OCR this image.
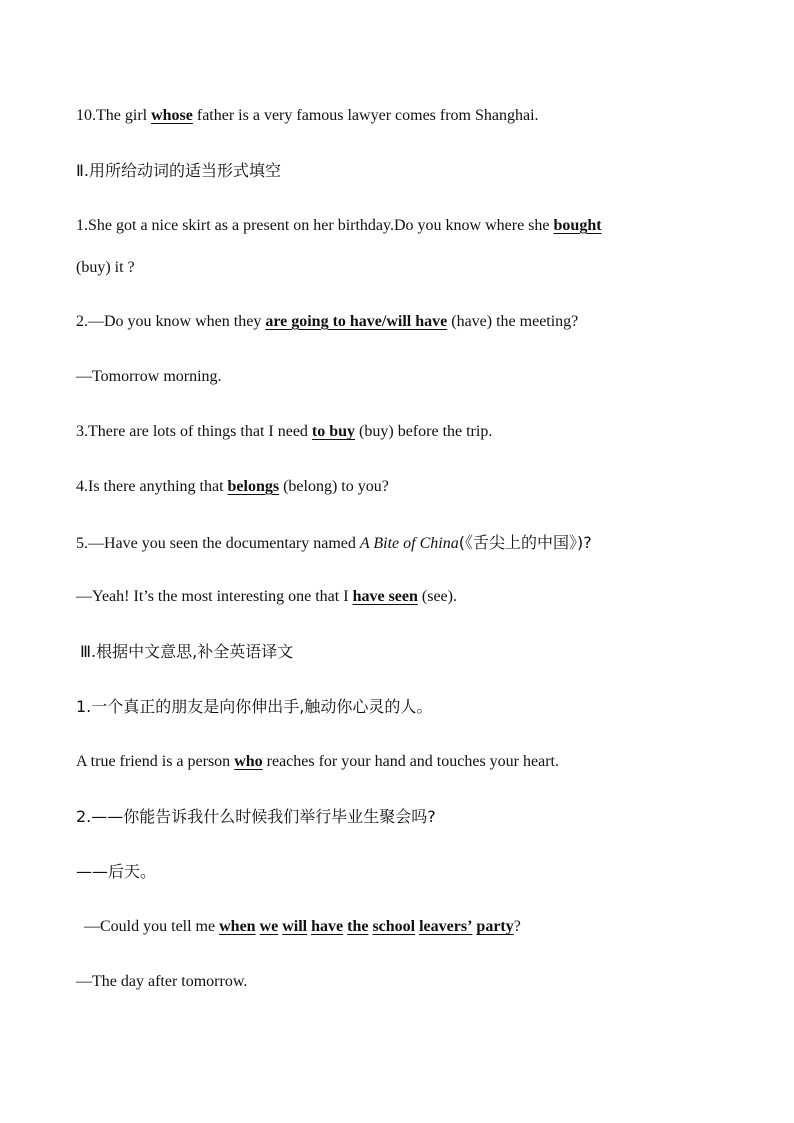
10.The girl whose father is a very famous lawyer comes from Shanghai.
Ⅱ.用所给动词的适当形式填空
1.She got a nice skirt as a present on her birthday.Do you know where she bought
(buy) it ?
2.—Do you know when they are going to have/will have (have) the meeting?
—Tomorrow morning.
3.There are lots of things that I need to buy (buy) before the trip.
4.Is there anything that belongs (belong) to you?
5.—Have you seen the documentary named A Bite of China(《舌尖上的中国》)?
—Yeah! It’s the most interesting one that I have seen (see).
Ⅲ.根据中文意思,补全英语译文
1.一个真正的朋友是向你伸出手,触动你心灵的人。
A true friend is a person who reaches for your hand and touches your heart.
2.——你能告诉我什么时候我们举行毕业生聚会吗?
——后天。
—Could you tell me when we will have the school leavers’ party?
—The day after tomorrow.
